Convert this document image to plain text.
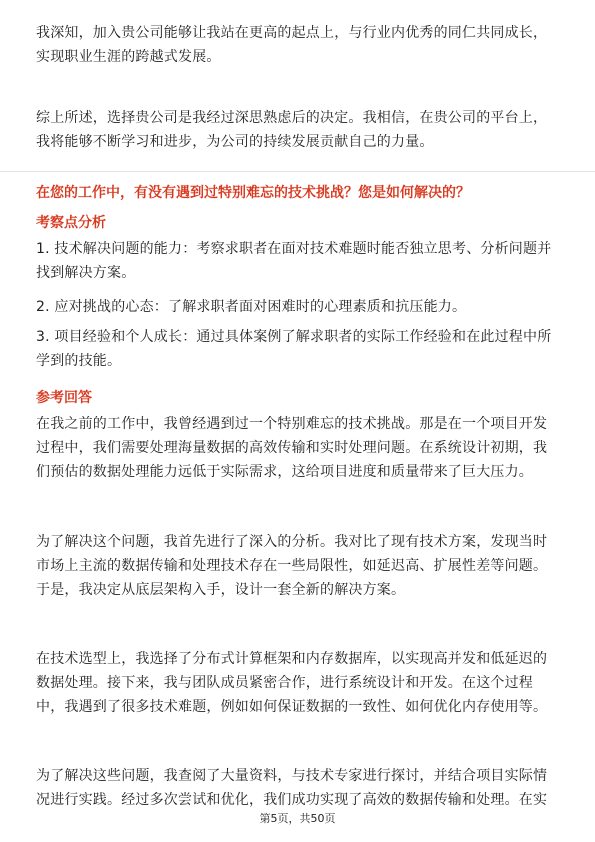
我深知，加入贵公司能够让我站在更高的起点上，与行业内优秀的同仁共同成长，
实现职业生涯的跨越式发展。
综上所述，选择贵公司是我经过深思熟虑后的决定。我相信，在贵公司的平台上，
我将能够不断学习和进步，为公司的持续发展贡献自己的力量。
在您的工作中，有没有遇到过特别难忘的技术挑战？您是如何解决的？
考察点分析
1. 技术解决问题的能力：考察求职者在面对技术难题时能否独立思考、分析问题并
找到解决方案。
2. 应对挑战的心态：了解求职者面对困难时的心理素质和抗压能力。
3. 项目经验和个人成长：通过具体案例了解求职者的实际工作经验和在此过程中所
学到的技能。
参考回答
在我之前的工作中，我曾经遇到过一个特别难忘的技术挑战。那是在一个项目开发
过程中，我们需要处理海量数据的高效传输和实时处理问题。在系统设计初期，我
们预估的数据处理能力远低于实际需求，这给项目进度和质量带来了巨大压力。
为了解决这个问题，我首先进行了深入的分析。我对比了现有技术方案，发现当时
市场上主流的数据传输和处理技术存在一些局限性，如延迟高、扩展性差等问题。
于是，我决定从底层架构入手，设计一套全新的解决方案。
在技术选型上，我选择了分布式计算框架和内存数据库，以实现高并发和低延迟的
数据处理。接下来，我与团队成员紧密合作，进行系统设计和开发。在这个过程
中，我遇到了很多技术难题，例如如何保证数据的一致性、如何优化内存使用等。
为了解决这些问题，我查阅了大量资料，与技术专家进行探讨，并结合项目实际情
况进行实践。经过多次尝试和优化，我们成功实现了高效的数据传输和处理。在实
第5页，共50页
